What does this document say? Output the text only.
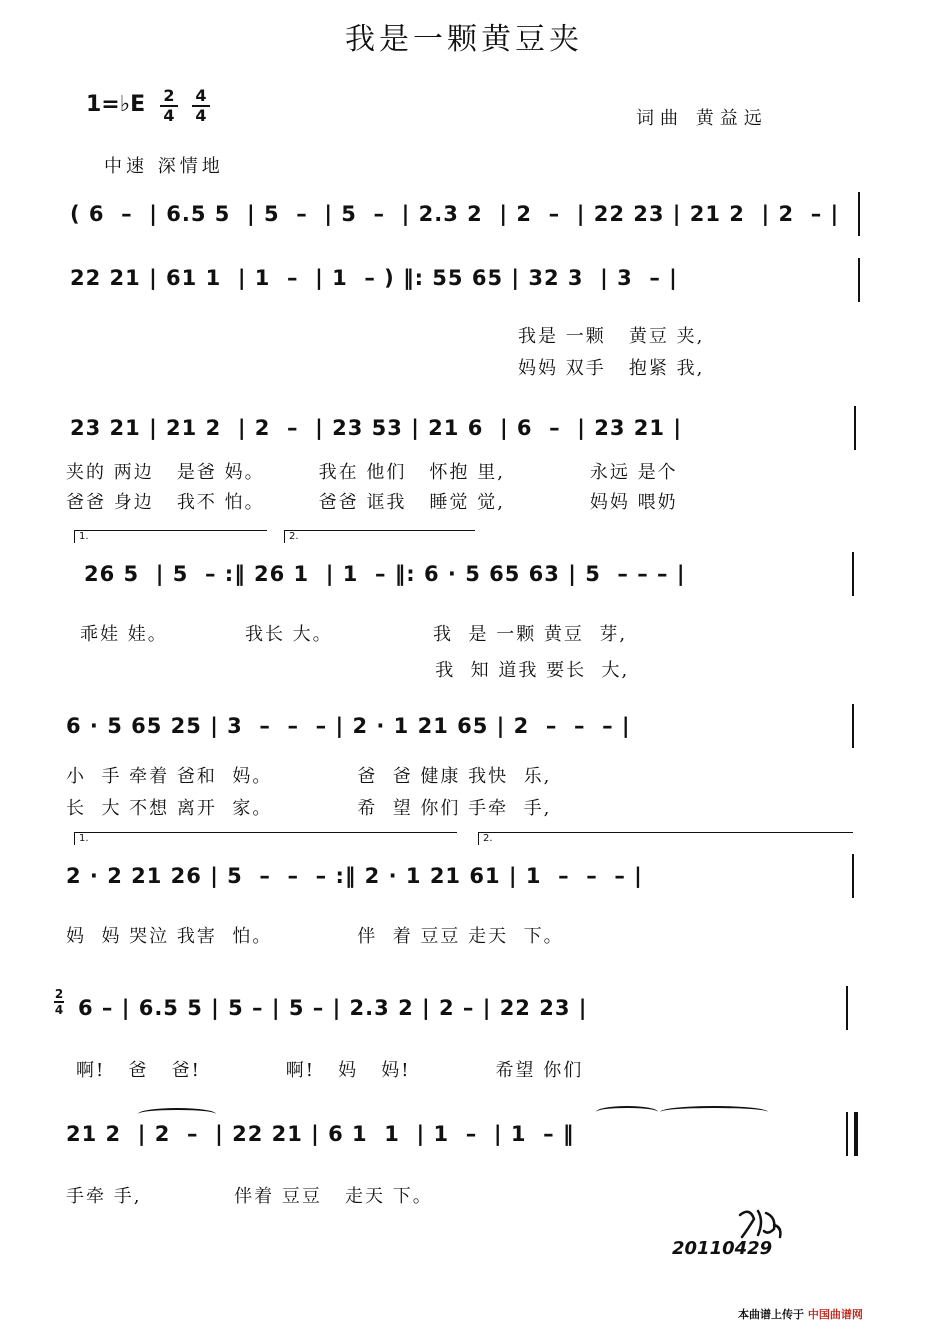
我是一颗黄豆夹
1=♭E $\frac{2}{4} \frac{4}{4}$	词曲 黄益远
中速 深情地
( 6  –  | 6.5 5  | 5  –  | 5  –  | 2.3 2  | 2  –  | 22 23 | 21 2  | 2  – |
22 21 | 61 1  | 1  –  | 1  – ) ‖: 55 65 | 32 3  | 3  – |
我是 一颗   黄豆 夹,
妈妈 双手   抱紧 我,
23 21 | 21 2  | 2  –  | 23 53 | 21 6  | 6  –  | 23 21 |
夹的 两边   是爸 妈。       我在 他们   怀抱 里,           永远 是个
爸爸 身边   我不 怕。       爸爸 诓我   睡觉 觉,           妈妈 喂奶
1.	2.
26 5  | 5  – :‖ 26 1  | 1  – ‖: 6 · 5 65 63 | 5  – – – |
乖娃 娃。          我长 大。             我  是 一颗 黄豆  芽,
我  知 道我 要长  大,
6 · 5 65 25 | 3  –  –  – | 2 · 1 21 65 | 2  –  –  – |
小  手 牵着 爸和  妈。           爸  爸 健康 我快  乐,
长  大 不想 离开  家。           希  望 你们 手牵  手,
1.	2.
2 · 2 21 26 | 5  –  –  – :‖ 2 · 1 21 61 | 1  –  –  – |
妈  妈 哭泣 我害  怕。           伴  着 豆豆 走天  下。
$\frac{2}{4} 6$ – | 6.5 5 | 5 – | 5 – | 2.3 2 | 2 – | 22 23 |
啊!   爸   爸!           啊!   妈   妈!           希望 你们
21 2  | 2  –  | 22 21 | 6 1  1  | 1  –  | 1  – ‖
手牵 手,            伴着 豆豆   走天 下。
20110429
本曲谱上传于 中国曲谱网
